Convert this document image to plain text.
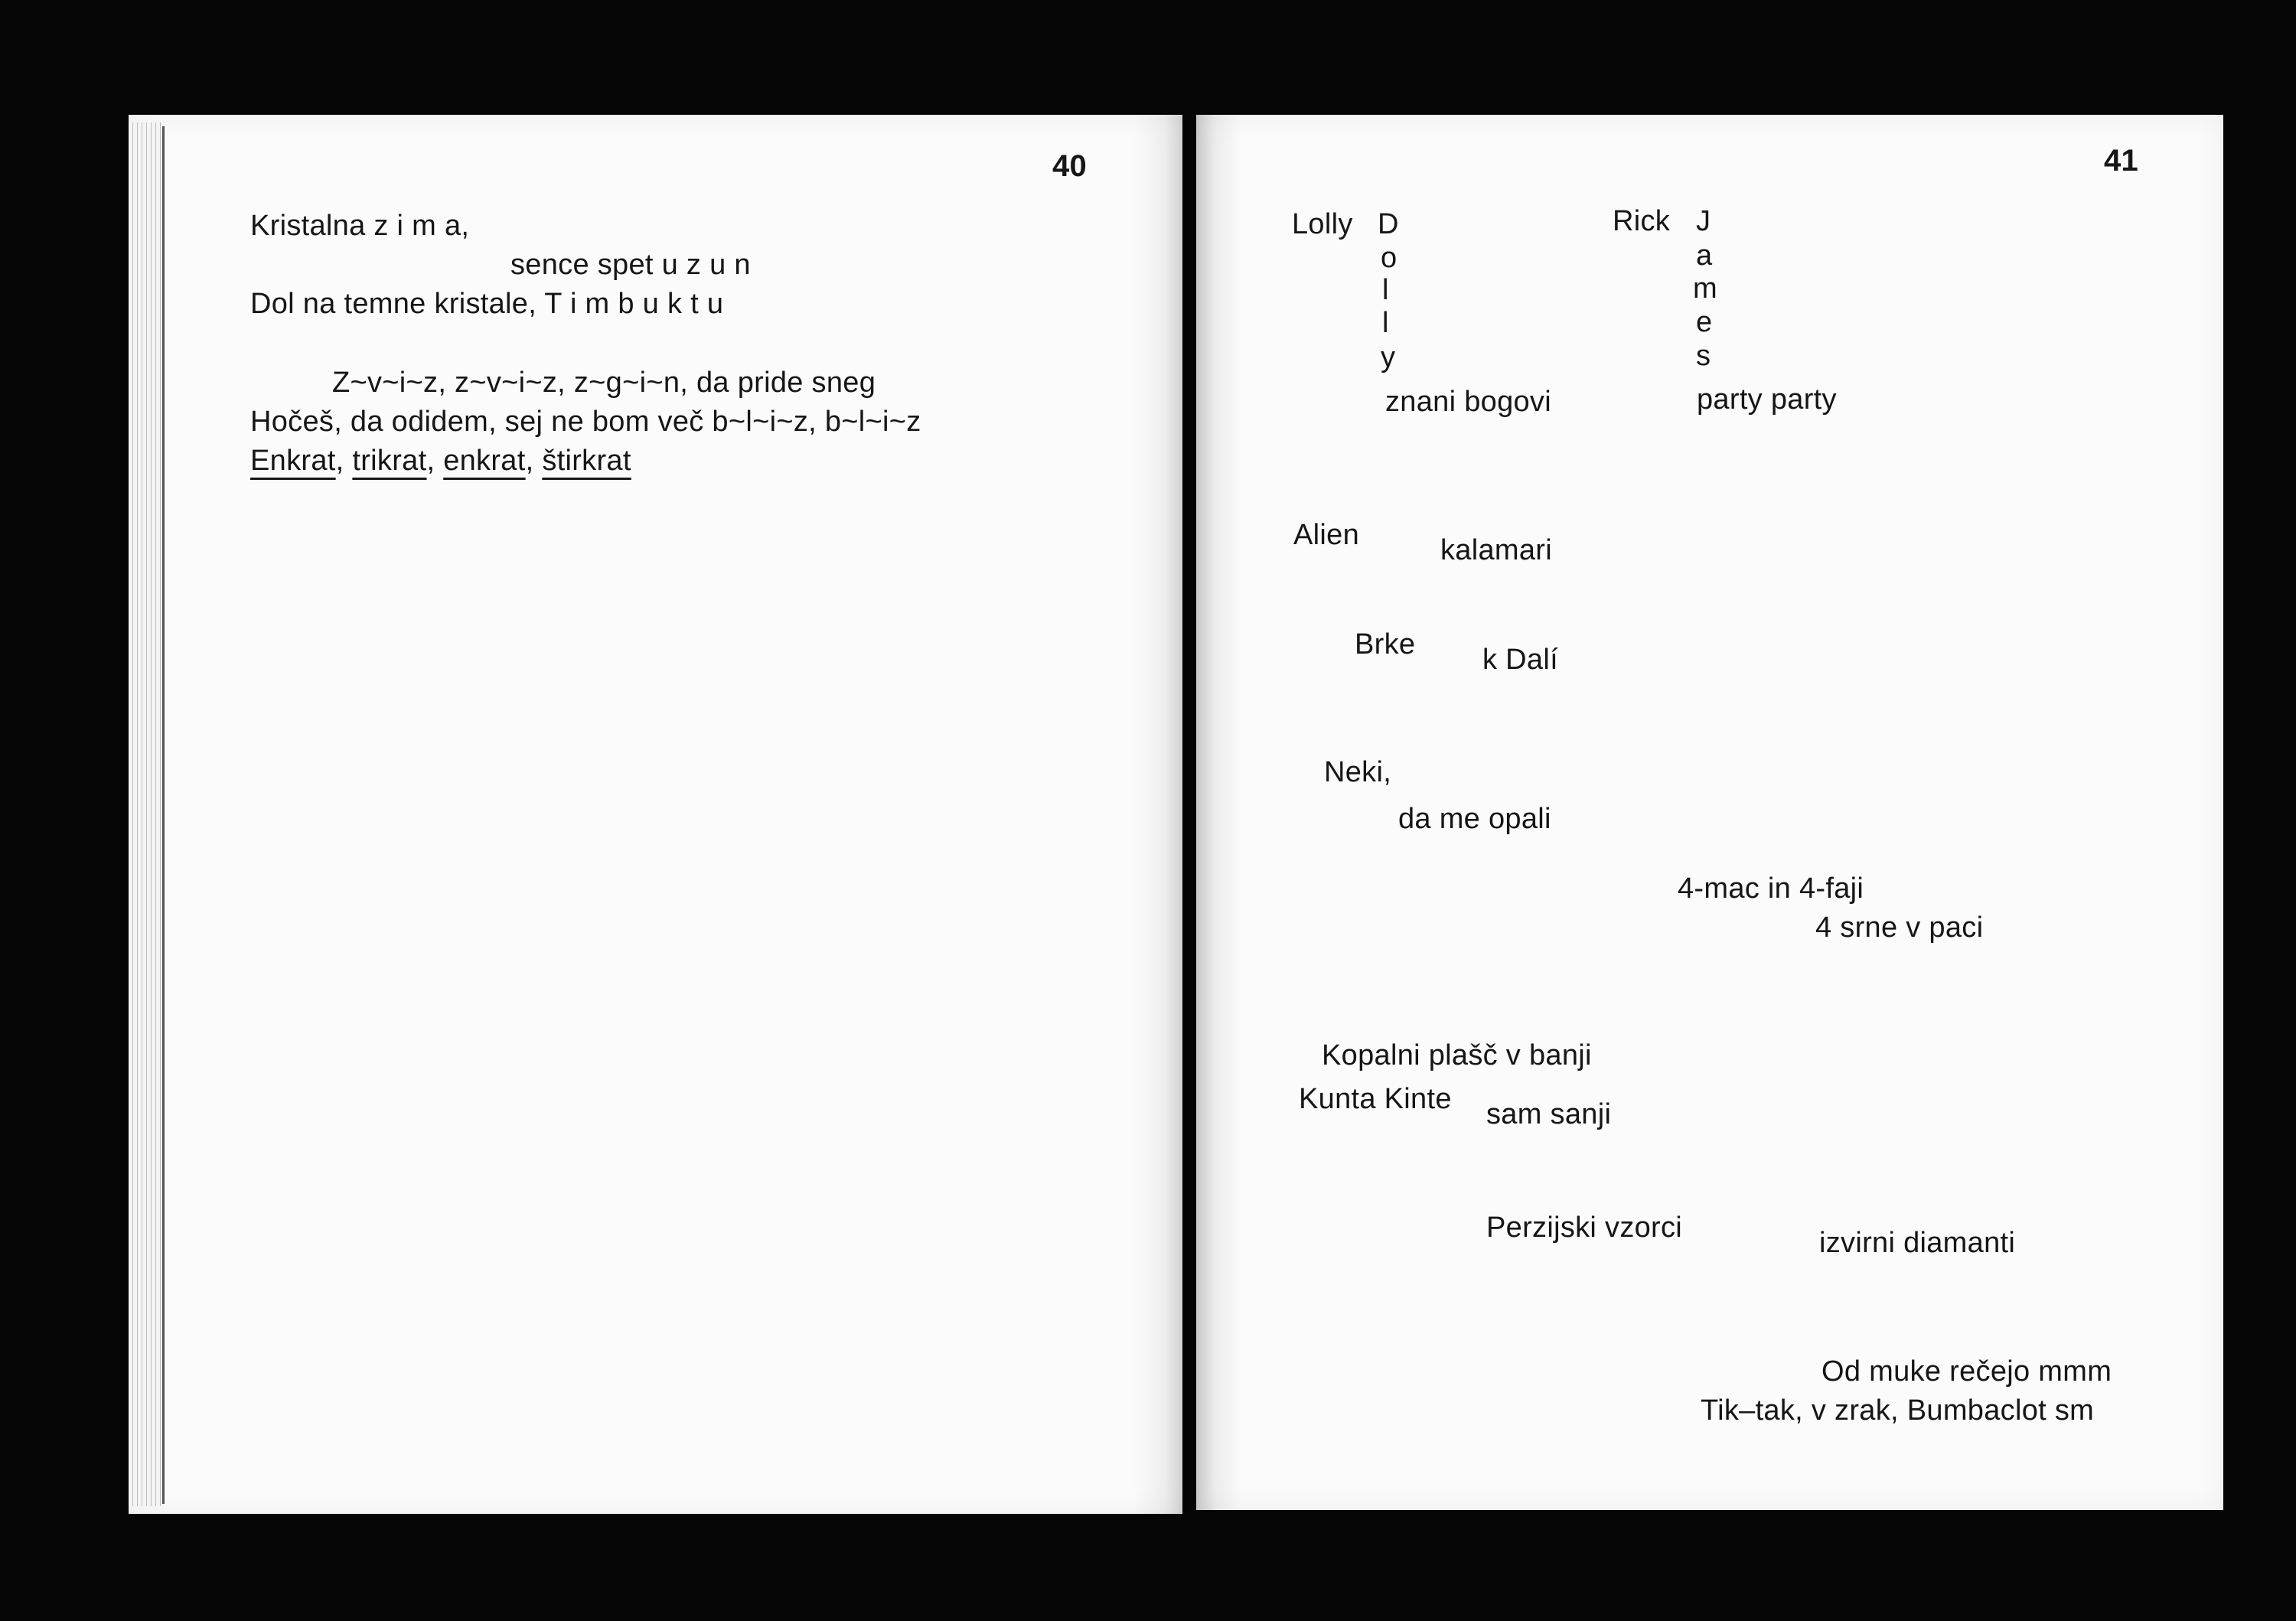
40
Kristalna z i m a,
sence spet u z u n
Dol na temne kristale, T i m b u k t u
Z~v~i~z, z~v~i~z, z~g~i~n, da pride sneg
Hočeš, da odidem, sej ne bom več b~l~i~z, b~l~i~z
Enkrat, trikrat, enkrat, štirkrat
41
Lolly D
o
l
l
y
znani bogovi
Rick J
a
m
e
s
party party
Alien	kalamari
Brke k Dalí
Neki,
da me opali
4-mac in 4-faji
4 srne v paci
Kopalni plašč v banji
Kunta Kinte sam sanji
Perzijski vzorci	izvirni diamanti
Od muke rečejo mmm
Tik–tak, v zrak, Bumbaclot sm
